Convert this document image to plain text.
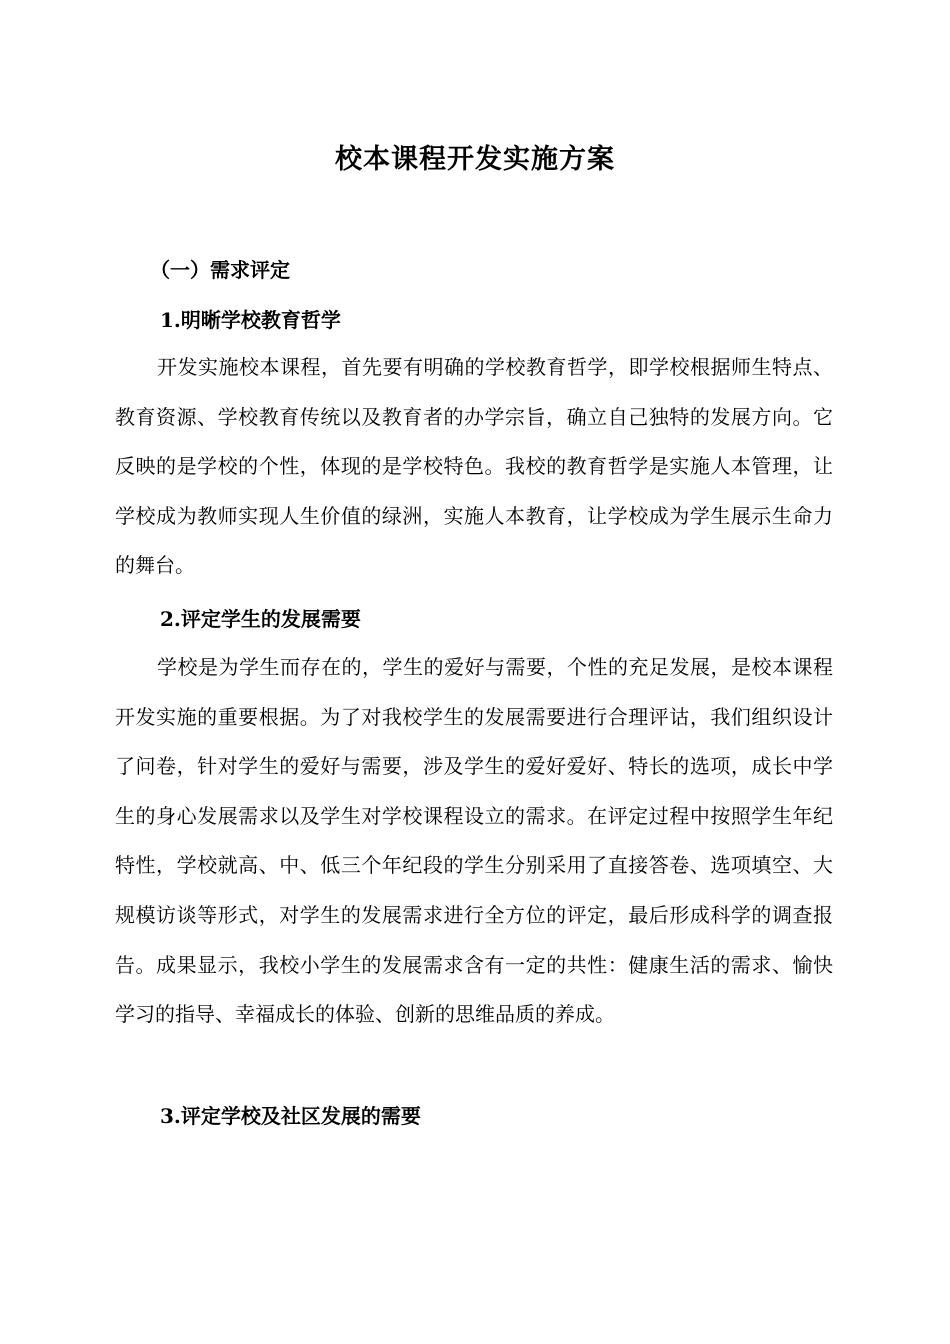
校本课程开发实施方案
（一）需求评定
1.明晰学校教育哲学

开发实施校本课程，首先要有明确的学校教育哲学，即学校根据师生特点、教育资源、学校教育传统以及教育者的办学宗旨，确立自己独特的发展方向。它反映的是学校的个性，体现的是学校特色。我校的教育哲学是实施人本管理，让学校成为教师实现人生价值的绿洲，实施人本教育，让学校成为学生展示生命力的舞台。

2.评定学生的发展需要

学校是为学生而存在的，学生的爱好与需要，个性的充足发展，是校本课程开发实施的重要根据。为了对我校学生的发展需要进行合理评诂，我们组织设计了问卷，针对学生的爱好与需要，涉及学生的爱好爱好、特长的选项，成长中学生的身心发展需求以及学生对学校课程设立的需求。在评定过程中按照学生年纪特性，学校就高、中、低三个年纪段的学生分别采用了直接答卷、选项填空、大规模访谈等形式，对学生的发展需求进行全方位的评定，最后形成科学的调查报告。成果显示，我校小学生的发展需求含有一定的共性：健康生活的需求、愉快学习的指导、幸福成长的体验、创新的思维品质的养成。

3.评定学校及社区发展的需要
